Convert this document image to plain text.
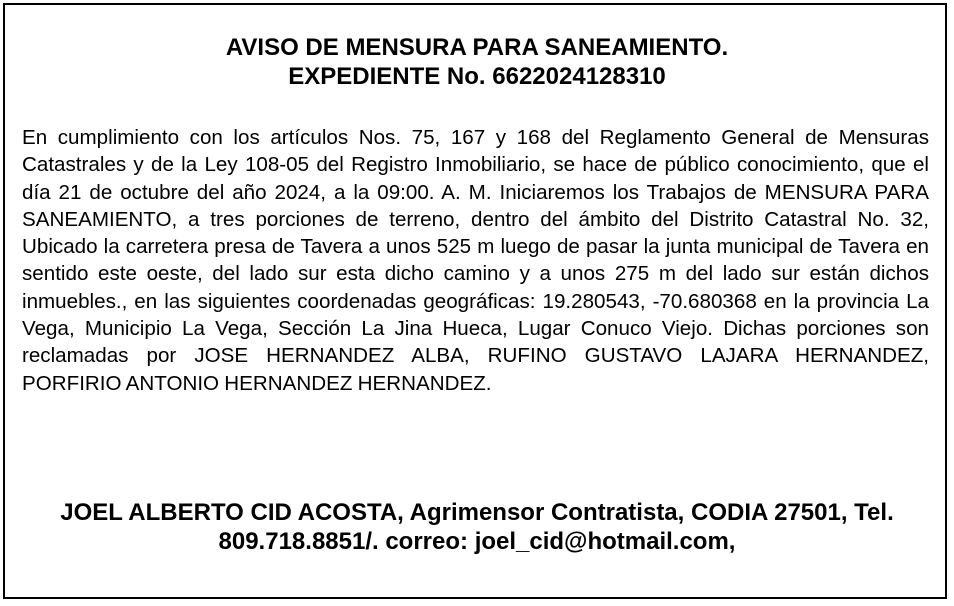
AVISO DE MENSURA PARA SANEAMIENTO.
EXPEDIENTE No. 6622024128310

En cumplimiento con los artículos Nos. 75, 167 y 168 del Reglamento General de Mensuras Catastrales y de la Ley 108-05 del Registro Inmobiliario, se hace de público conocimiento, que el día 21 de octubre del año 2024, a la 09:00. A. M. Iniciaremos los Trabajos de MENSURA PARA SANEAMIENTO, a tres porciones de terreno, dentro del ámbito del Distrito Catastral No. 32, Ubicado la carretera presa de Tavera a unos 525 m luego de pasar la junta municipal de Tavera en sentido este oeste, del lado sur esta dicho camino y a unos 275 m del lado sur están dichos inmuebles., en las siguientes coordenadas geográficas: 19.280543, -70.680368 en la provincia La Vega, Municipio La Vega, Sección La Jina Hueca, Lugar Conuco Viejo. Dichas porciones son reclamadas por JOSE HERNANDEZ ALBA, RUFINO GUSTAVO LAJARA HERNANDEZ, PORFIRIO ANTONIO HERNANDEZ HERNANDEZ.

JOEL ALBERTO CID ACOSTA, Agrimensor Contratista, CODIA 27501, Tel. 809.718.8851/. correo: joel_cid@hotmail.com,
